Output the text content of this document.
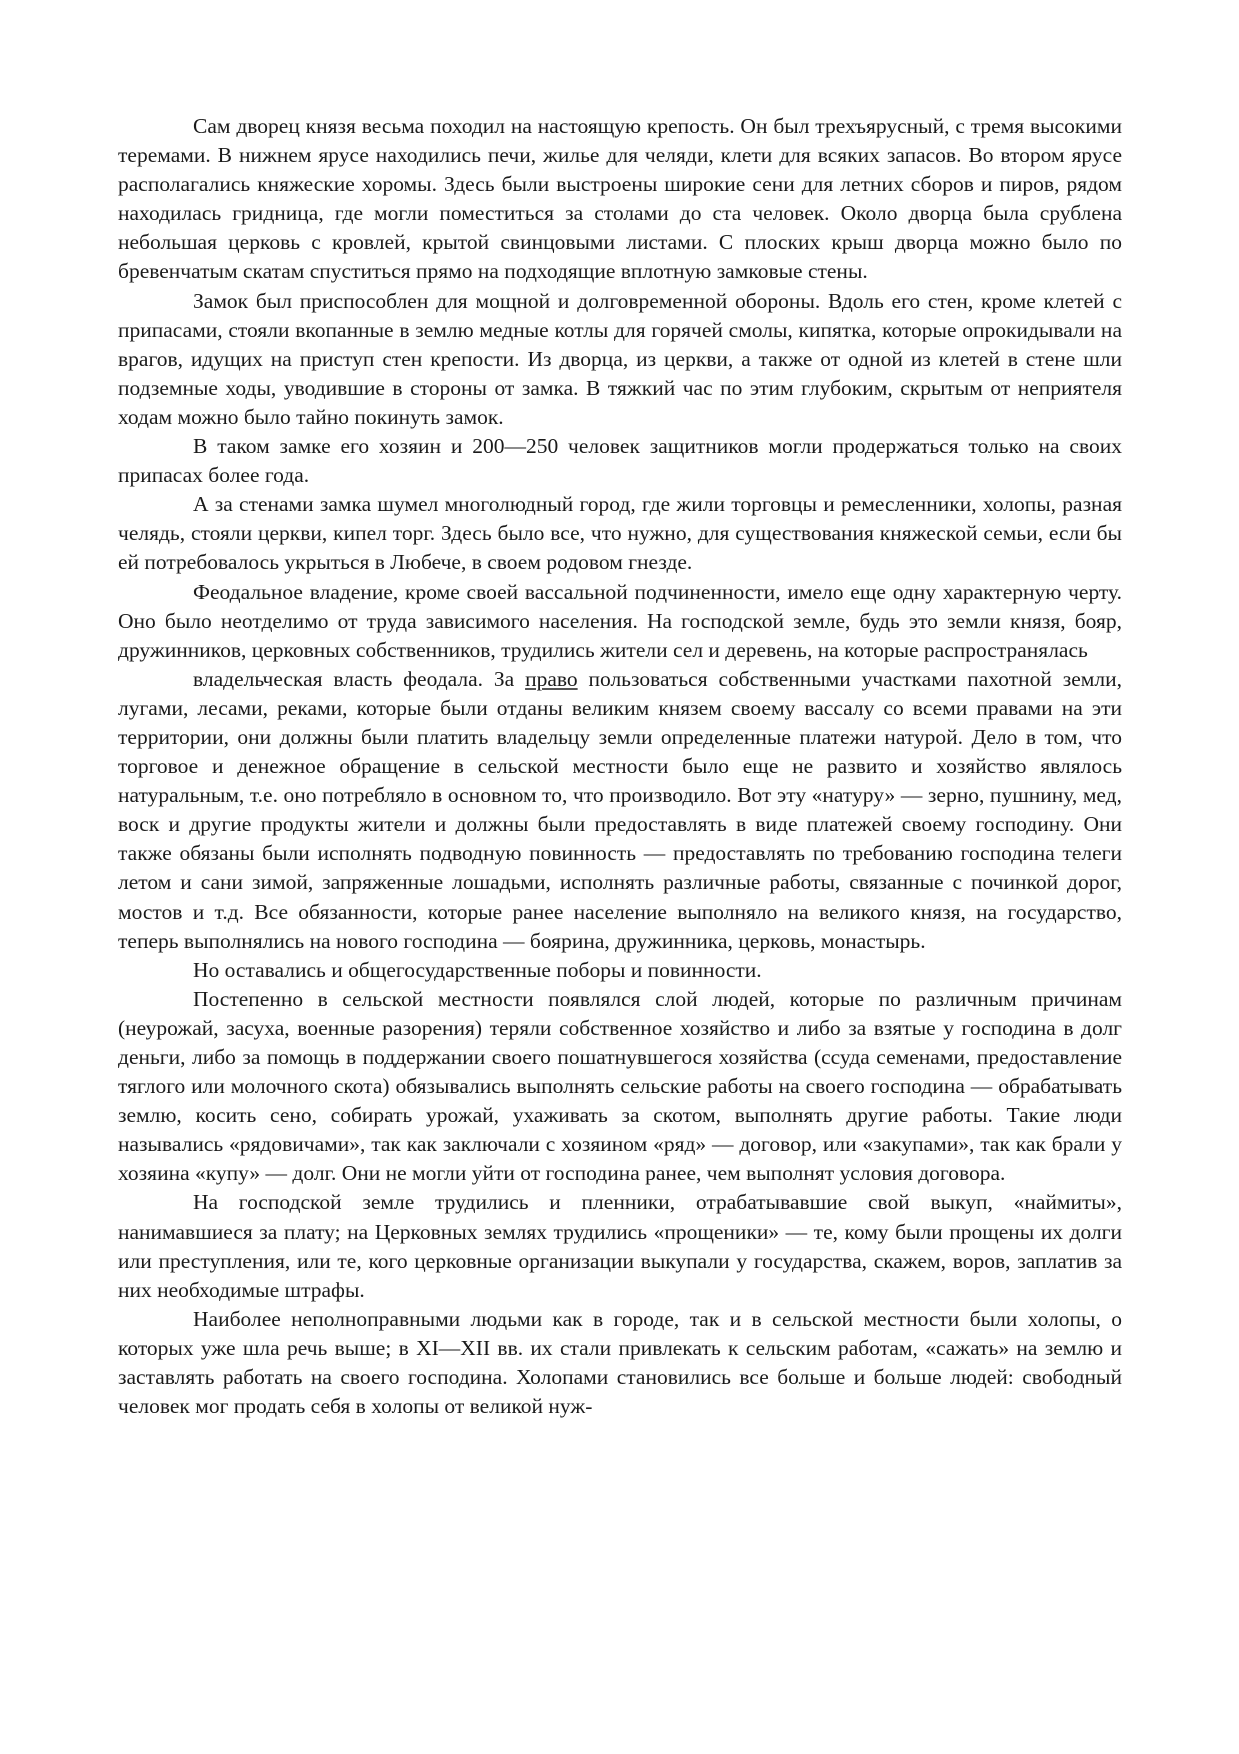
Сам дворец князя весьма походил на настоящую крепость. Он был трехъярусный, с тремя высокими теремами. В нижнем ярусе находились печи, жилье для челяди, клети для всяких запасов. Во втором ярусе располагались княжеские хоромы. Здесь были выстроены широкие сени для летних сборов и пиров, рядом находилась гридница, где могли поместиться за столами до ста человек. Около дворца была срублена небольшая церковь с кровлей, крытой свинцовыми листами. С плоских крыш дворца можно было по бревенчатым скатам спуститься прямо на подходящие вплотную замковые стены.

Замок был приспособлен для мощной и долговременной обороны. Вдоль его стен, кроме клетей с припасами, стояли вкопанные в землю медные котлы для горячей смолы, кипятка, которые опрокидывали на врагов, идущих на приступ стен крепости. Из дворца, из церкви, а также от одной из клетей в стене шли подземные ходы, уводившие в стороны от замка. В тяжкий час по этим глубоким, скрытым от неприятеля ходам можно было тайно покинуть замок.

В таком замке его хозяин и 200—250 человек защитников могли продержаться только на своих припасах более года.

А за стенами замка шумел многолюдный город, где жили торговцы и ремесленники, холопы, разная челядь, стояли церкви, кипел торг. Здесь было все, что нужно, для существования княжеской семьи, если бы ей потребовалось укрыться в Любече, в своем родовом гнезде.

Феодальное владение, кроме своей вассальной подчиненности, имело еще одну характерную черту. Оно было неотделимо от труда зависимого населения. На господской земле, будь это земли князя, бояр, дружинников, церковных собственников, трудились жители сел и деревень, на которые распространялась

владельческая власть феодала. За право пользоваться собственными участками пахотной земли, лугами, лесами, реками, которые были отданы великим князем своему вассалу со всеми правами на эти территории, они должны были платить владельцу земли определенные платежи натурой. Дело в том, что торговое и денежное обращение в сельской местности было еще не развито и хозяйство являлось натуральным, т.е. оно потребляло в основном то, что производило. Вот эту «натуру» — зерно, пушнину, мед, воск и другие продукты жители и должны были предоставлять в виде платежей своему господину. Они также обязаны были исполнять подводную повинность — предоставлять по требованию господина телеги летом и сани зимой, запряженные лошадьми, исполнять различные работы, связанные с починкой дорог, мостов и т.д. Все обязанности, которые ранее население выполняло на великого князя, на государство, теперь выполнялись на нового господина — боярина, дружинника, церковь, монастырь.

Но оставались и общегосударственные поборы и повинности.

Постепенно в сельской местности появлялся слой людей, которые по различным причинам (неурожай, засуха, военные разорения) теряли собственное хозяйство и либо за взятые у господина в долг деньги, либо за помощь в поддержании своего пошатнувшегося хозяйства (ссуда семенами, предоставление тяглого или молочного скота) обязывались выполнять сельские работы на своего господина — обрабатывать землю, косить сено, собирать урожай, ухаживать за скотом, выполнять другие работы. Такие люди назывались «рядовичами», так как заключали с хозяином «ряд» — договор, или «закупами», так как брали у хозяина «купу» — долг. Они не могли уйти от господина ранее, чем выполнят условия договора.

На господской земле трудились и пленники, отрабатывавшие свой выкуп, «наймиты», нанимавшиеся за плату; на Церковных землях трудились «прощеники» — те, кому были прощены их долги или преступления, или те, кого церковные организации выкупали у государства, скажем, воров, заплатив за них необходимые штрафы.

Наиболее неполноправными людьми как в городе, так и в сельской местности были холопы, о которых уже шла речь выше; в XI—XII вв. их стали привлекать к сельским работам, «сажать» на землю и заставлять работать на своего господина. Холопами становились все больше и больше людей: свободный человек мог продать себя в холопы от великой нуж-
